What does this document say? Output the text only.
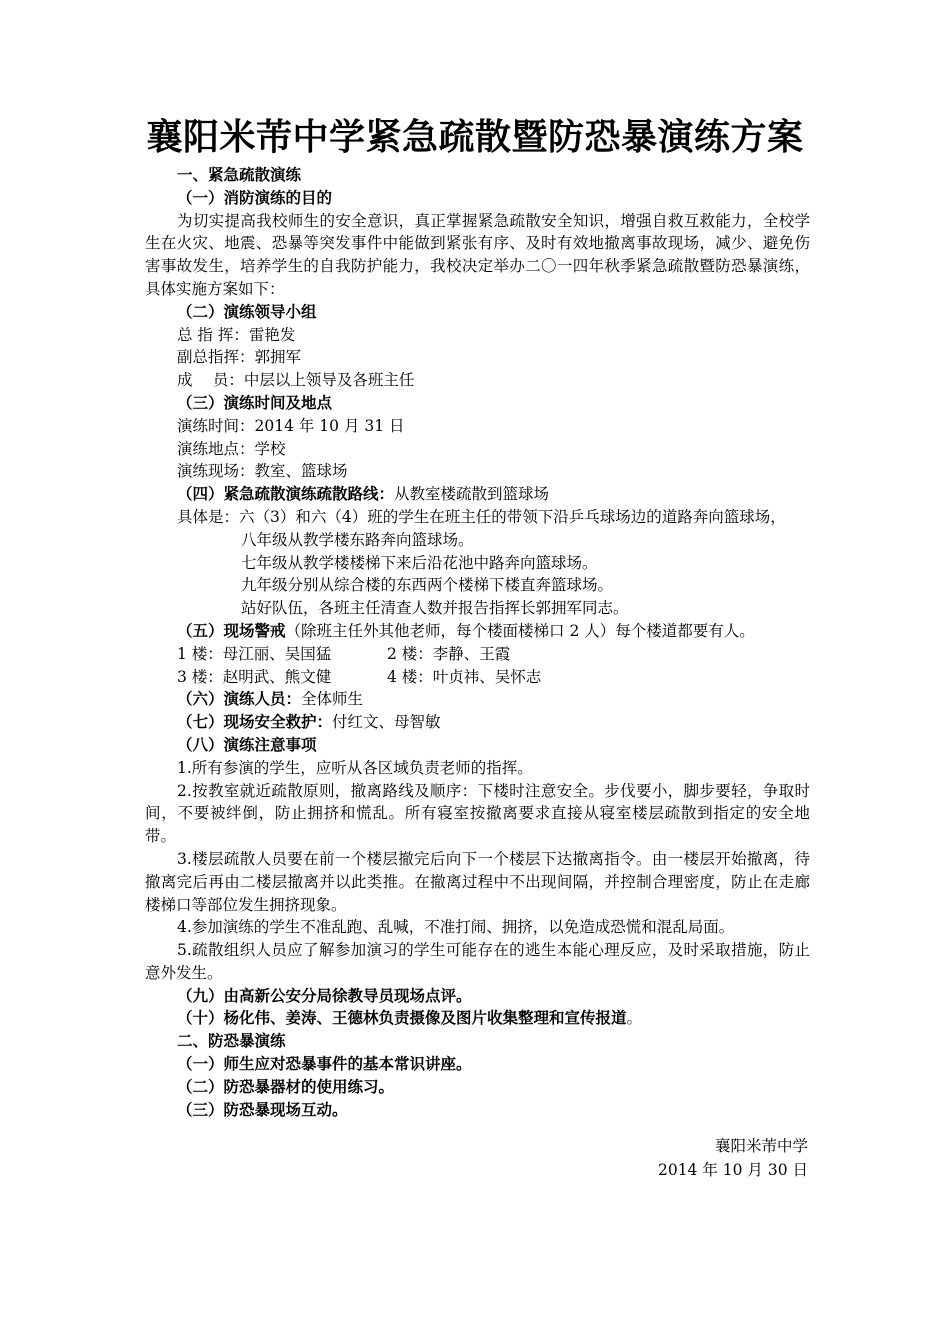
襄阳米芾中学紧急疏散暨防恐暴演练方案

一、紧急疏散演练

（一）消防演练的目的

为切实提高我校师生的安全意识，真正掌握紧急疏散安全知识，增强自救互救能力，全校学生在火灾、地震、恐暴等突发事件中能做到紧张有序、及时有效地撤离事故现场，减少、避免伤害事故发生，培养学生的自我防护能力，我校决定举办二〇一四年秋季紧急疏散暨防恐暴演练，具体实施方案如下：

（二）演练领导小组

总 指 挥：雷艳发

副总指挥：郭拥军

成　 员：中层以上领导及各班主任

（三）演练时间及地点

演练时间：2014 年 10 月 31 日

演练地点：学校

演练现场：教室、篮球场

（四）紧急疏散演练疏散路线：从教室楼疏散到篮球场

具体是：六（3）和六（4）班的学生在班主任的带领下沿乒乓球场边的道路奔向篮球场，

八年级从教学楼东路奔向篮球场。

七年级从教学楼楼梯下来后沿花池中路奔向篮球场。

九年级分别从综合楼的东西两个楼梯下楼直奔篮球场。

站好队伍，各班主任清查人数并报告指挥长郭拥军同志。

（五）现场警戒（除班主任外其他老师，每个楼面楼梯口 2 人）每个楼道都要有人。

1 楼：母江丽、吴国猛	2 楼：李静、王霞

3 楼：赵明武、熊文健	4 楼：叶贞祎、吴怀志

（六）演练人员：全体师生

（七）现场安全救护：付红文、母智敏

（八）演练注意事项

1.所有参演的学生，应听从各区域负责老师的指挥。

2.按教室就近疏散原则，撤离路线及顺序：下楼时注意安全。步伐要小，脚步要轻，争取时间，不要被绊倒，防止拥挤和慌乱。所有寝室按撤离要求直接从寝室楼层疏散到指定的安全地带。

3.楼层疏散人员要在前一个楼层撤完后向下一个楼层下达撤离指令。由一楼层开始撤离，待撤离完后再由二楼层撤离并以此类推。在撤离过程中不出现间隔，并控制合理密度，防止在走廊楼梯口等部位发生拥挤现象。

4.参加演练的学生不准乱跑、乱喊，不准打闹、拥挤，以免造成恐慌和混乱局面。

5.疏散组织人员应了解参加演习的学生可能存在的逃生本能心理反应，及时采取措施，防止意外发生。

（九）由高新公安分局徐教导员现场点评。

（十）杨化伟、姜涛、王德林负责摄像及图片收集整理和宣传报道。

二、防恐暴演练

（一）师生应对恐暴事件的基本常识讲座。

（二）防恐暴器材的使用练习。

（三）防恐暴现场互动。

襄阳米芾中学
2014 年 10 月 30 日
